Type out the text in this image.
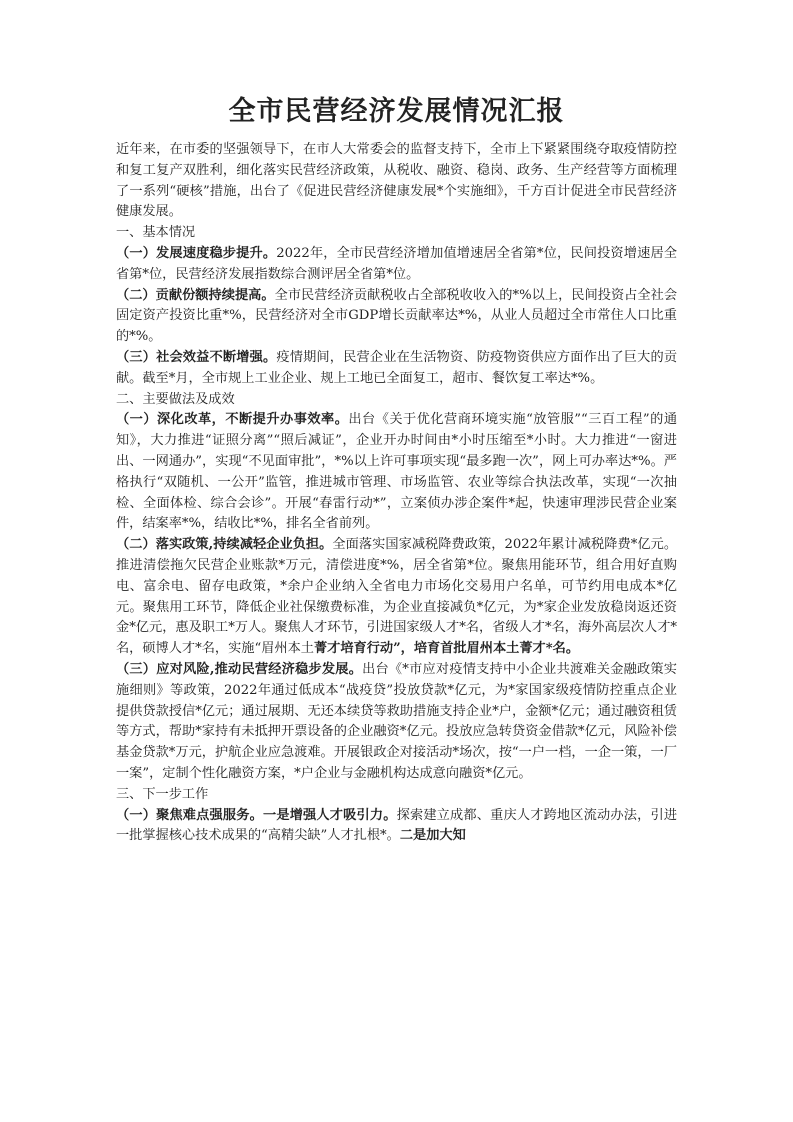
全市民营经济发展情况汇报

近年来，在市委的坚强领导下，在市人大常委会的监督支持下，全市上下紧紧围绕夺取疫情防控和复工复产双胜利，细化落实民营经济政策，从税收、融资、稳岗、政务、生产经营等方面梳理了一系列“硬核”措施，出台了《促进民营经济健康发展*个实施细》，千方百计促进全市民营经济健康发展。

一、基本情况

（一）发展速度稳步提升。2022年，全市民营经济增加值增速居全省第*位，民间投资增速居全省第*位，民营经济发展指数综合测评居全省第*位。

（二）贡献份额持续提高。全市民营经济贡献税收占全部税收收入的*%以上，民间投资占全社会固定资产投资比重*%，民营经济对全市GDP增长贡献率达*%，从业人员超过全市常住人口比重的*%。

（三）社会效益不断增强。疫情期间，民营企业在生活物资、防疫物资供应方面作出了巨大的贡献。截至*月，全市规上工业企业、规上工地已全面复工，超市、餐饮复工率达*%。

二、主要做法及成效

（一）深化改革，不断提升办事效率。出台《关于优化营商环境实施“放管服”“三百工程”的通知》，大力推进“证照分离”“照后减证”，企业开办时间由*小时压缩至*小时。大力推进“一窗进出、一网通办”，实现“不见面审批”，*%以上许可事项实现“最多跑一次”，网上可办率达*%。严格执行“双随机、一公开”监管，推进城市管理、市场监管、农业等综合执法改革，实现“一次抽检、全面体检、综合会诊”。开展“春雷行动*”，立案侦办涉企案件*起，快速审理涉民营企业案件，结案率*%，结收比*%，排名全省前列。

（二）落实政策,持续减轻企业负担。全面落实国家减税降费政策，2022年累计减税降费*亿元。推进清偿拖欠民营企业账款*万元，清偿进度*%，居全省第*位。聚焦用能环节，组合用好直购电、富余电、留存电政策，*余户企业纳入全省电力市场化交易用户名单，可节约用电成本*亿元。聚焦用工环节，降低企业社保缴费标准，为企业直接减负*亿元，为*家企业发放稳岗返还资金*亿元，惠及职工*万人。聚焦人才环节，引进国家级人才*名，省级人才*名，海外高层次人才*名，硕博人才*名，实施“眉州本土菁才培育行动”，培育首批眉州本土菁才*名。

（三）应对风险,推动民营经济稳步发展。出台《*市应对疫情支持中小企业共渡难关金融政策实施细则》等政策，2022年通过低成本“战疫贷”投放贷款*亿元，为*家国家级疫情防控重点企业提供贷款授信*亿元；通过展期、无还本续贷等救助措施支持企业*户，金额*亿元；通过融资租赁等方式，帮助*家持有未抵押开票设备的企业融资*亿元。投放应急转贷资金借款*亿元，风险补偿基金贷款*万元，护航企业应急渡难。开展银政企对接活动*场次，按“一户一档，一企一策，一厂一案”，定制个性化融资方案，*户企业与金融机构达成意向融资*亿元。

三、下一步工作

（一）聚焦难点强服务。一是增强人才吸引力。探索建立成都、重庆人才跨地区流动办法，引进一批掌握核心技术成果的“高精尖缺”人才扎根*。二是加大知
